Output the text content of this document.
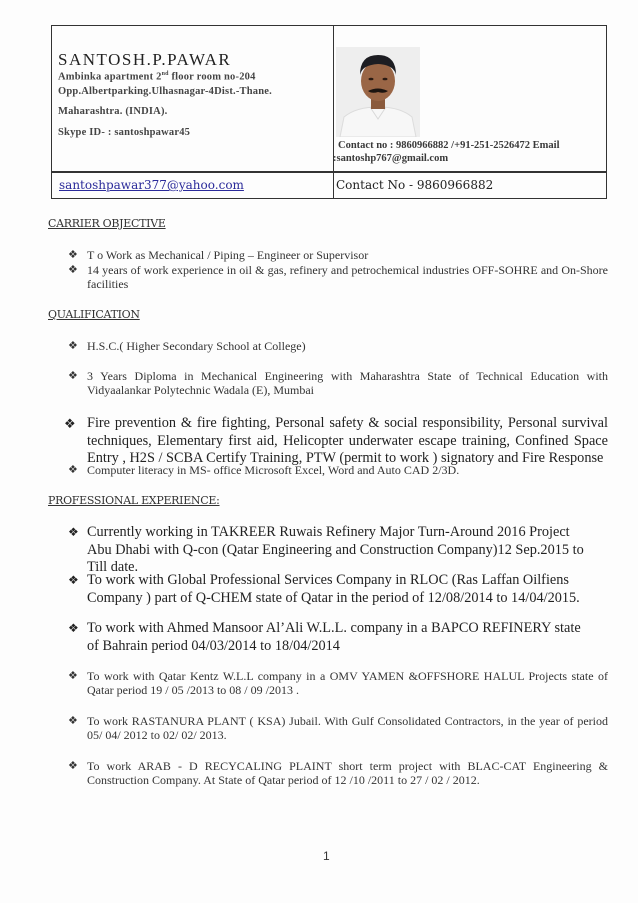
SANTOSH.P.PAWAR
Ambinka apartment 2nd floor room no-204
Opp.Albertparking.Ulhasnagar-4Dist.-Thane.
Maharashtra. (INDIA).
Skype ID- : santoshpawar45
Contact no : 9860966882 /+91-251-2526472 Email
:santoshp767@gmail.com
santoshpawar377@yahoo.com	Contact No - 9860966882
CARRIER OBJECTIVE
❖ T o Work as Mechanical / Piping – Engineer or Supervisor
❖ 14 years of work experience in oil & gas, refinery and petrochemical industries OFF-SOHRE and On-Shore facilities
QUALIFICATION
❖ H.S.C.( Higher Secondary School at College)
❖ 3 Years Diploma in Mechanical Engineering with Maharashtra State of Technical Education with Vidyaalankar Polytechnic Wadala (E), Mumbai
❖ Fire prevention & fire fighting, Personal safety & social responsibility, Personal survival techniques, Elementary first aid, Helicopter underwater escape training, Confined Space Entry , H2S / SCBA Certify Training, PTW (permit to work ) signatory and Fire Response
❖ Computer literacy in MS- office Microsoft Excel, Word and Auto CAD 2/3D.
PROFESSIONAL EXPERIENCE:
❖ Currently working in TAKREER Ruwais Refinery Major Turn-Around 2016 Project Abu Dhabi with Q-con (Qatar Engineering and Construction Company)12 Sep.2015 to Till date.
❖ To work with Global Professional Services Company in RLOC (Ras Laffan Oilfiens Company ) part of Q-CHEM state of Qatar in the period of 12/08/2014 to 14/04/2015.
❖ To work with Ahmed Mansoor Al’Ali W.L.L. company in a BAPCO REFINERY state of Bahrain period 04/03/2014 to 18/04/2014
❖ To work with Qatar Kentz W.L.L company in a OMV YAMEN &OFFSHORE HALUL Projects state of Qatar period 19 / 05 /2013 to 08 / 09 /2013 .
❖ To work RASTANURA PLANT ( KSA) Jubail. With Gulf Consolidated Contractors, in the year of period 05/ 04/ 2012 to 02/ 02/ 2013.
❖ To work ARAB - D RECYCALING PLAINT short term project with BLAC-CAT Engineering & Construction Company. At State of Qatar period of 12 /10 /2011 to 27 / 02 / 2012.
1
